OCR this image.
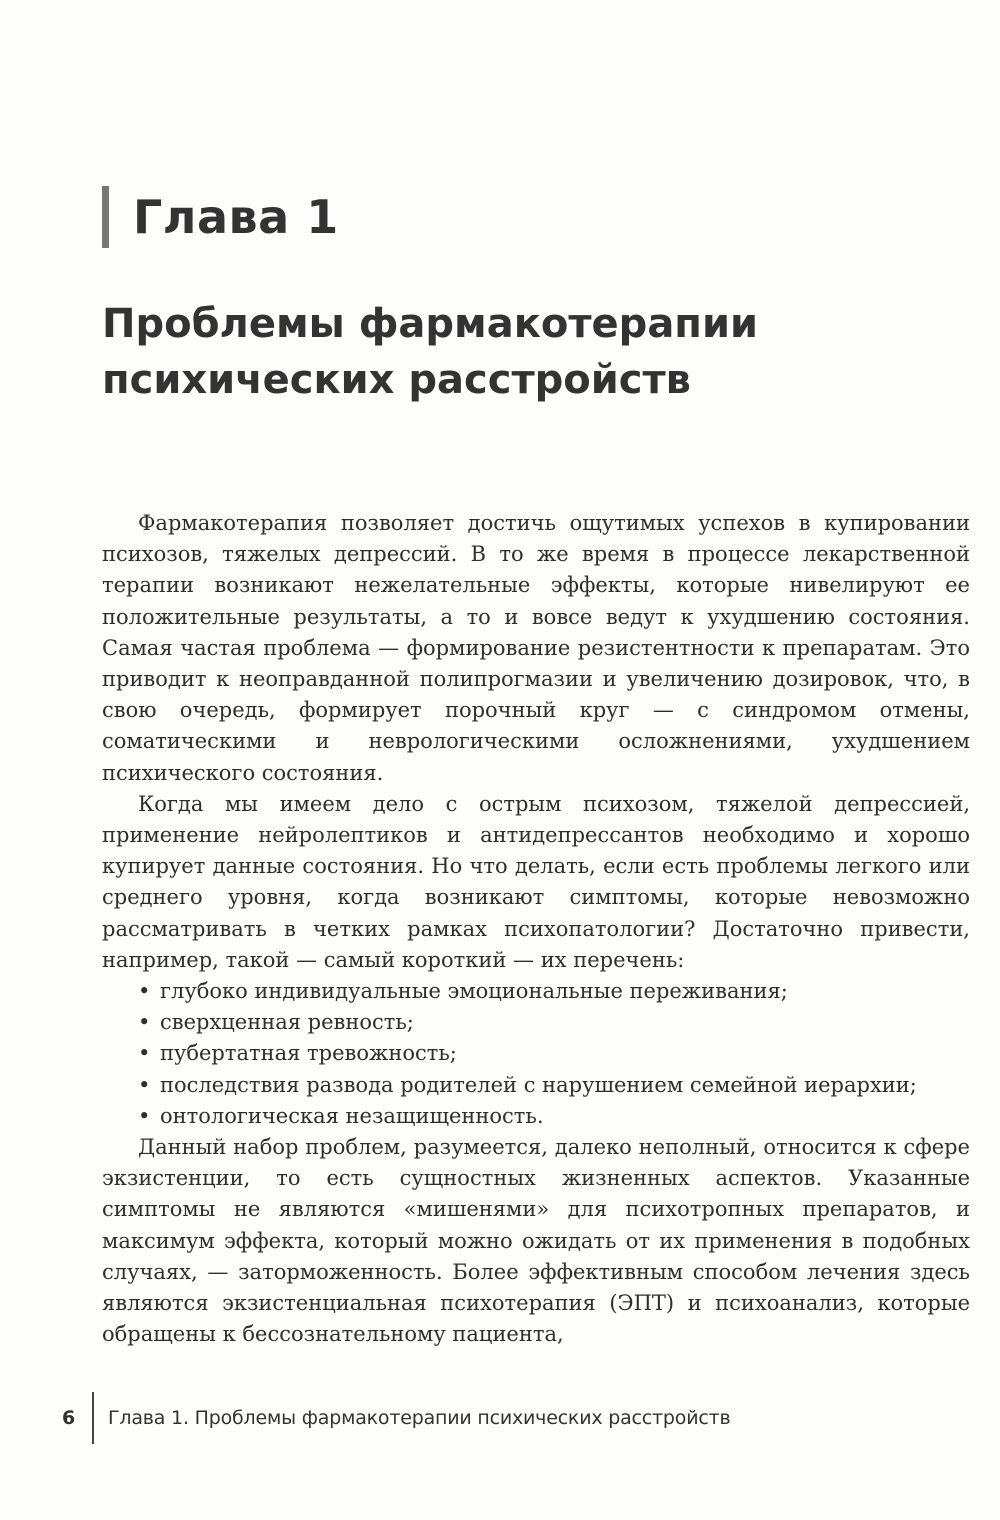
Глава 1
Проблемы фармакотерапии
психических расстройств

Фармакотерапия позволяет достичь ощутимых успехов в купировании психозов, тяжелых депрессий. В то же время в процессе лекарственной терапии возникают нежелательные эффекты, которые нивелируют ее положительные результаты, а то и вовсе ведут к ухудшению состояния. Самая частая проблема — формирование резистентности к препаратам. Это приводит к неоправданной полипрогмазии и увеличению дозировок, что, в свою очередь, формирует порочный круг — с синдромом отмены, соматическими и неврологическими осложнениями, ухудшением психического состояния.

Когда мы имеем дело с острым психозом, тяжелой депрессией, применение нейролептиков и антидепрессантов необходимо и хорошо купирует данные состояния. Но что делать, если есть проблемы легкого или среднего уровня, когда возникают симптомы, которые невозможно рассматривать в четких рамках психопатологии? Достаточно привести, например, такой — самый короткий — их перечень:

• глубоко индивидуальные эмоциональные переживания;
• сверхценная ревность;
• пубертатная тревожность;
• последствия развода родителей с нарушением семейной иерархии;
• онтологическая незащищенность.

Данный набор проблем, разумеется, далеко неполный, относится к сфере экзистенции, то есть сущностных жизненных аспектов. Указанные симптомы не являются «мишенями» для психотропных препаратов, и максимум эффекта, который можно ожидать от их применения в подобных случаях, — заторможенность. Более эффективным способом лечения здесь являются экзистенциальная психотерапия (ЭПТ) и психоанализ, которые обращены к бессознательному пациента,

6	Глава 1. Проблемы фармакотерапии психических расстройств
